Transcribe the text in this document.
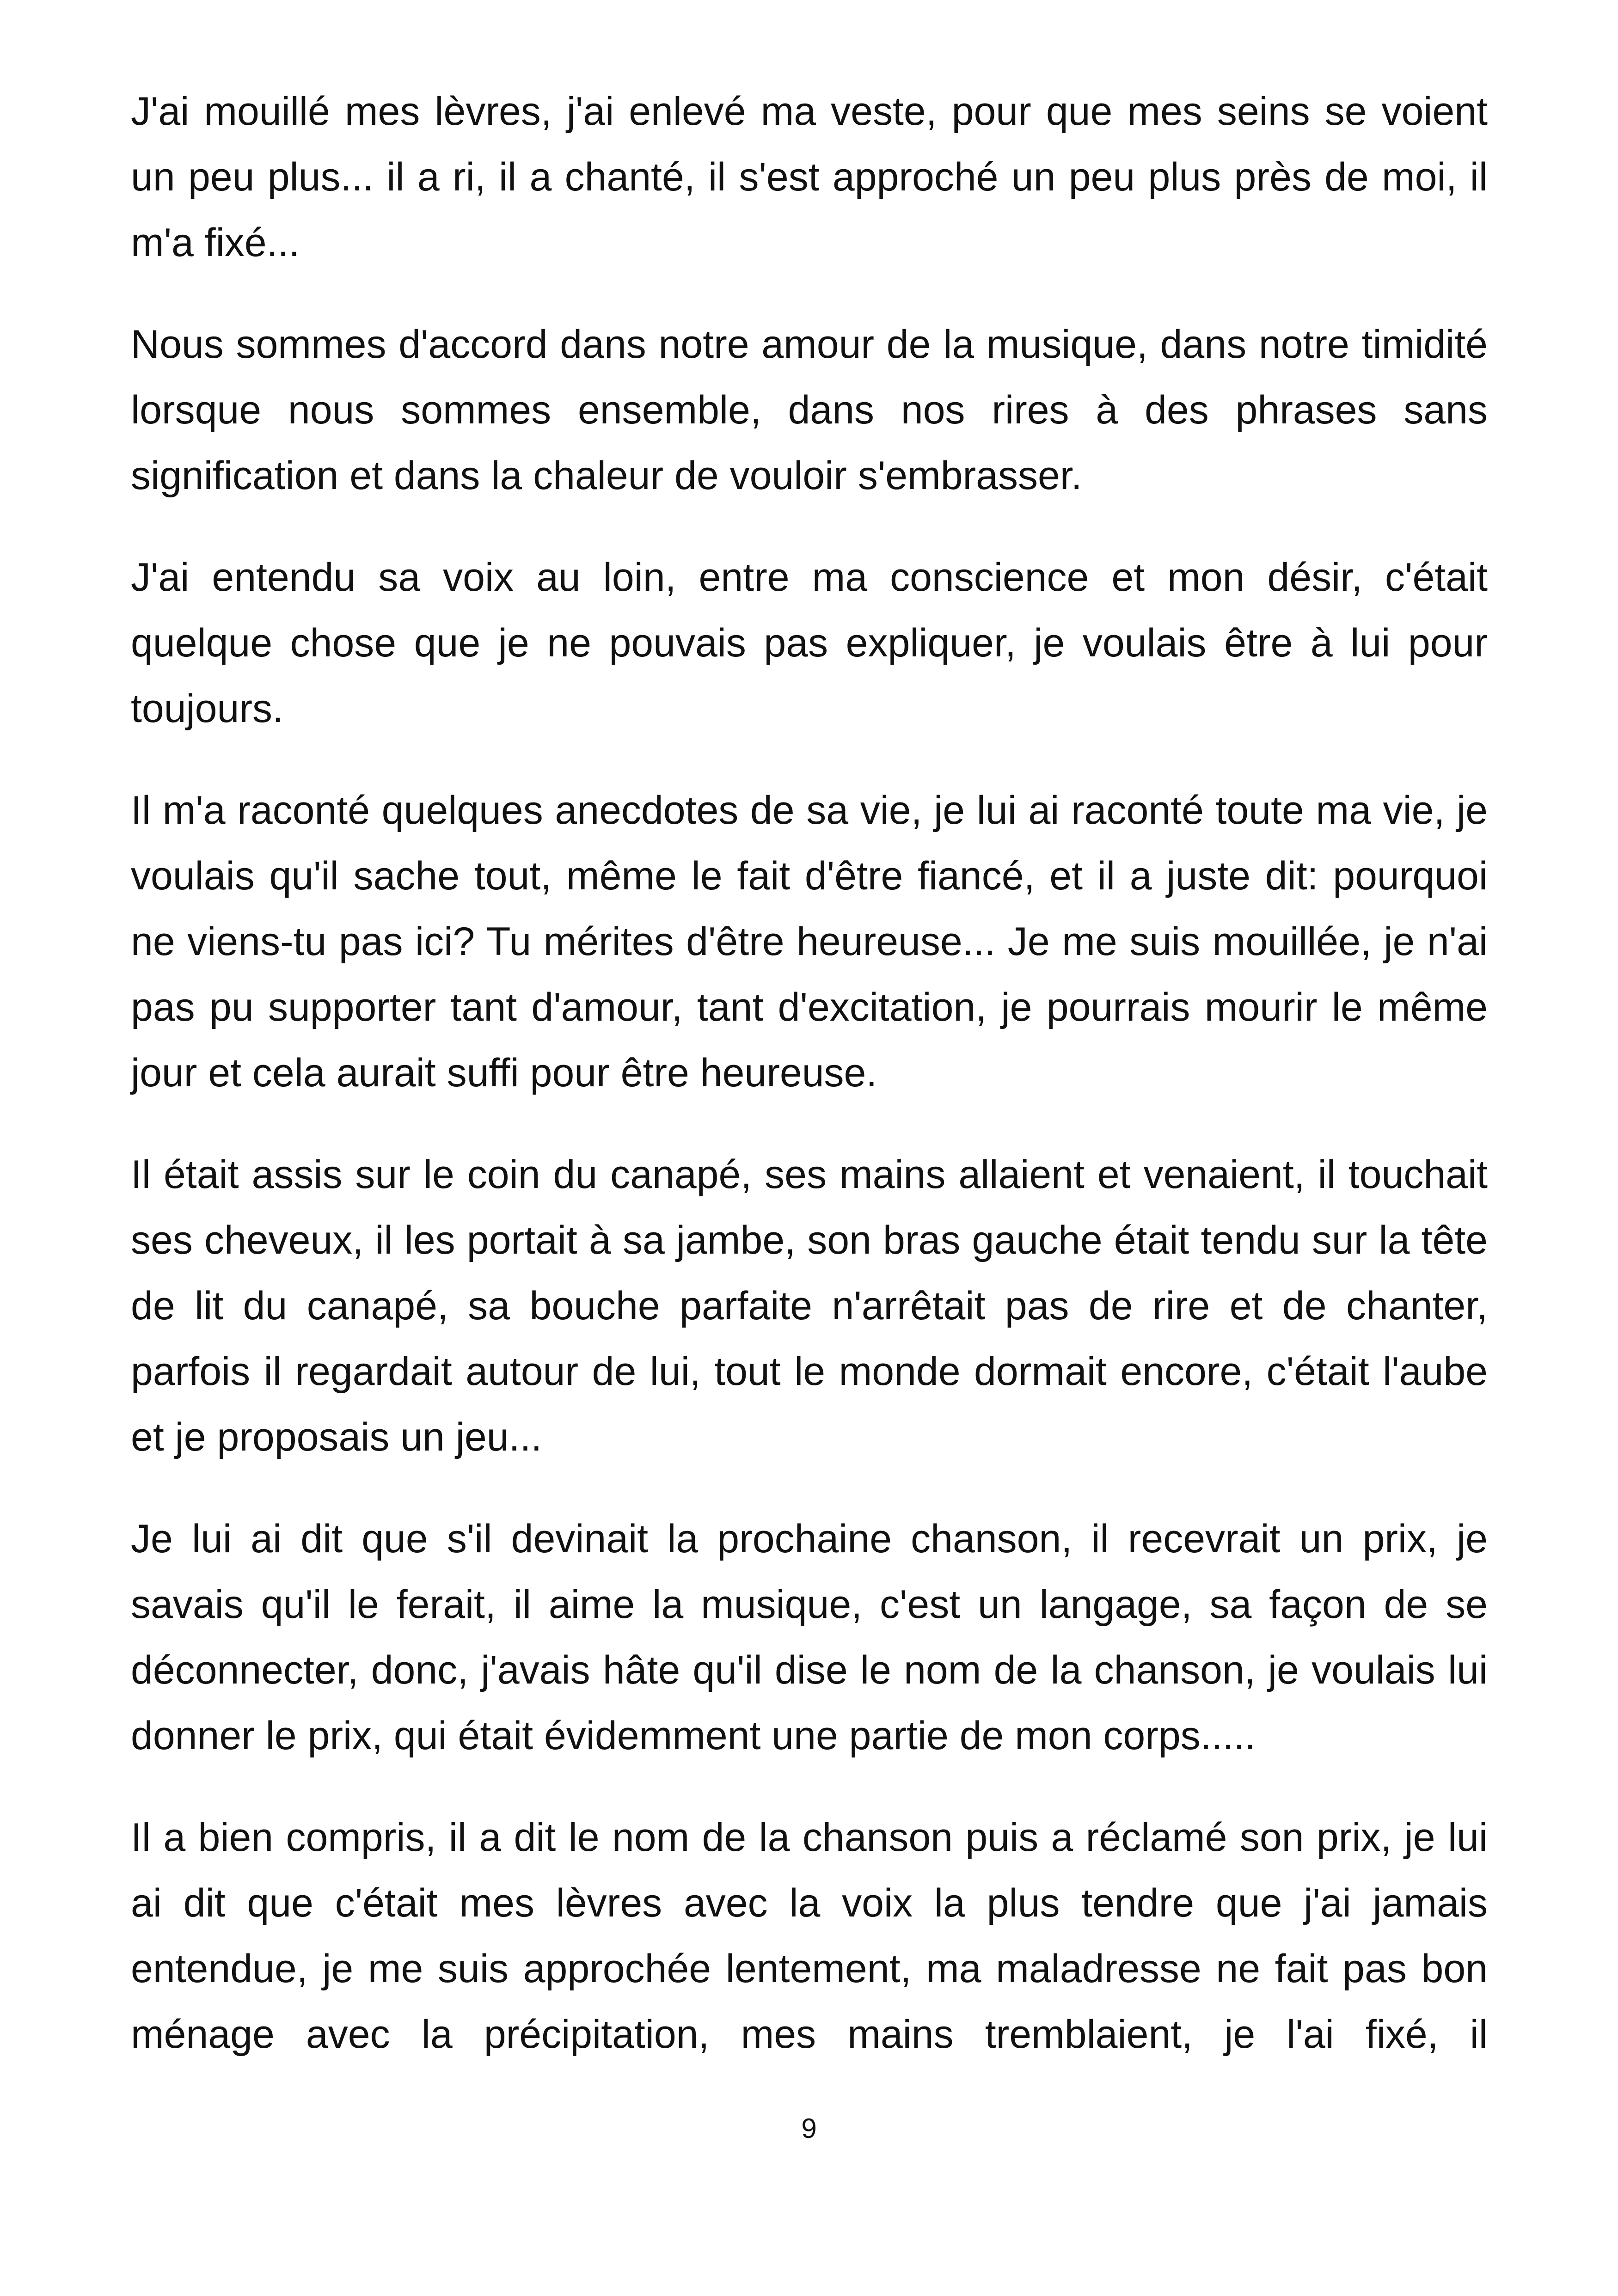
J'ai mouillé mes lèvres, j'ai enlevé ma veste, pour que mes seins se voient un peu plus... il a ri, il a chanté, il s'est approché un peu plus près de moi, il m'a fixé...

Nous sommes d'accord dans notre amour de la musique, dans notre timidité lorsque nous sommes ensemble, dans nos rires à des phrases sans signification et dans la chaleur de vouloir s'embrasser.

J'ai entendu sa voix au loin, entre ma conscience et mon désir, c'était quelque chose que je ne pouvais pas expliquer, je voulais être à lui pour toujours.

Il m'a raconté quelques anecdotes de sa vie, je lui ai raconté toute ma vie, je voulais qu'il sache tout, même le fait d'être fiancé, et il a juste dit: pourquoi ne viens-tu pas ici? Tu mérites d'être heureuse... Je me suis mouillée, je n'ai pas pu supporter tant d'amour, tant d'excitation, je pourrais mourir le même jour et cela aurait suffi pour être heureuse.

Il était assis sur le coin du canapé, ses mains allaient et venaient, il touchait ses cheveux, il les portait à sa jambe, son bras gauche était tendu sur la tête de lit du canapé, sa bouche parfaite n'arrêtait pas de rire et de chanter, parfois il regardait autour de lui, tout le monde dormait encore, c'était l'aube et je proposais un jeu...

Je lui ai dit que s'il devinait la prochaine chanson, il recevrait un prix, je savais qu'il le ferait, il aime la musique, c'est un langage, sa façon de se déconnecter, donc, j'avais hâte qu'il dise le nom de la chanson, je voulais lui donner le prix, qui était évidemment une partie de mon corps.....

Il a bien compris, il a dit le nom de la chanson puis a réclamé son prix, je lui ai dit que c'était mes lèvres avec la voix la plus tendre que j'ai jamais entendue, je me suis approchée lentement, ma maladresse ne fait pas bon ménage avec la précipitation, mes mains tremblaient, je l'ai fixé, il

9
